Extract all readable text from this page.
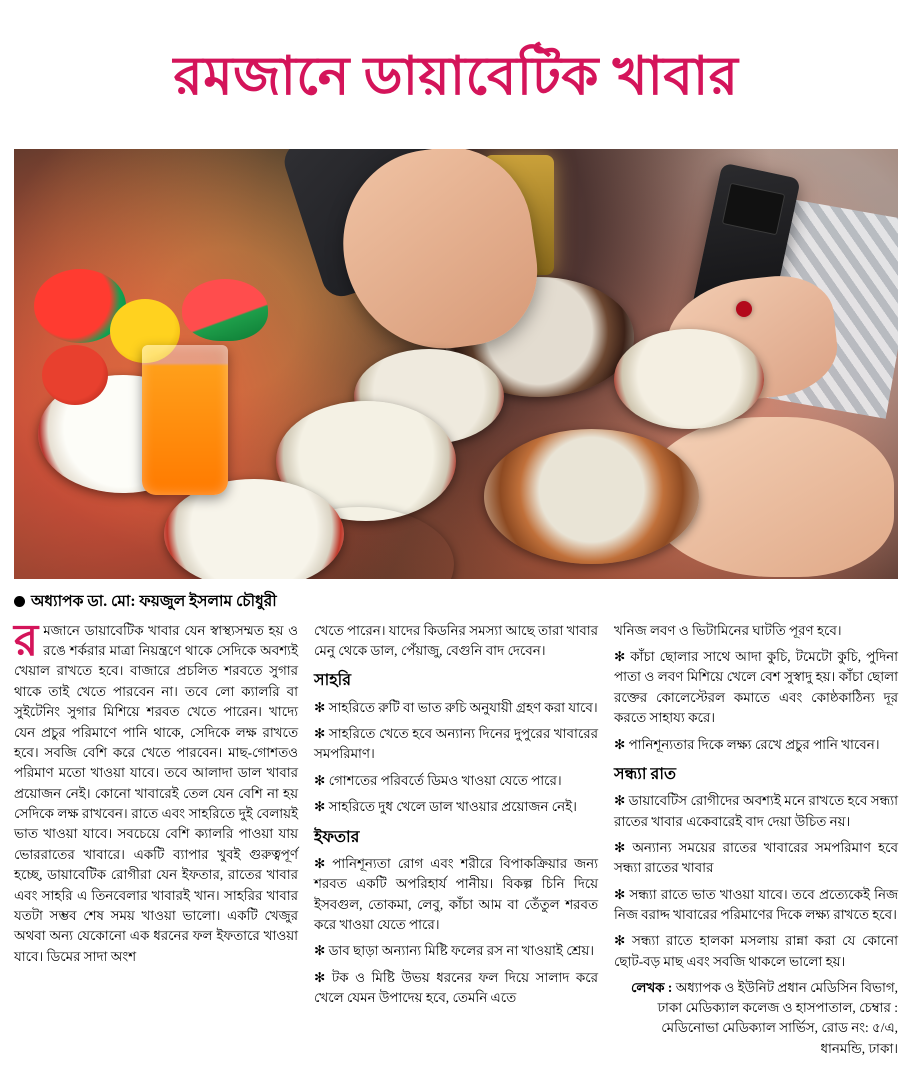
রমজানে ডায়াবেটিক খাবার
অধ্যাপক ডা. মো: ফয়জুল ইসলাম চৌধুরী

র মজানে ডায়াবেটিক খাবার যেন স্বাস্থ্যসম্মত হয় ও রঙে শর্করার মাত্রা নিয়ন্ত্রণে থাকে সেদিকে অবশ্যই খেয়াল রাখতে হবে। বাজারে প্রচলিত শরবতে সুগার থাকে তাই খেতে পারবেন না। তবে লো ক্যালরি বা সুইটেনিং সুগার মিশিয়ে শরবত খেতে পারেন। খাদ্যে যেন প্রচুর পরিমাণে পানি থাকে, সেদিকে লক্ষ রাখতে হবে। সবজি বেশি করে খেতে পারবেন। মাছ-গোশতও পরিমাণ মতো খাওয়া যাবে। তবে আলাদা ডাল খাবার প্রয়োজন নেই। কোনো খাবারেই তেল যেন বেশি না হয় সেদিকে লক্ষ রাখবেন। রাতে এবং সাহরিতে দুই বেলায়ই ভাত খাওয়া যাবে। সবচেয়ে বেশি ক্যালরি পাওয়া যায় ভোররাতের খাবারে। একটি ব্যাপার খুবই গুরুত্বপূর্ণ হচ্ছে, ডায়াবেটিক রোগীরা যেন ইফতার, রাতের খাবার এবং সাহরি এ তিনবেলার খাবারই খান। সাহরির খাবার যতটা সম্ভব শেষ সময় খাওয়া ভালো। একটি খেজুর অথবা অন্য যেকোনো এক ধরনের ফল ইফতারে খাওয়া যাবে। ডিমের সাদা অংশ

খেতে পারেন। যাদের কিডনির সমস্যা আছে তারা খাবার মেনু থেকে ডাল, পেঁয়াজু, বেগুনি বাদ দেবেন।

সাহরি

✻ সাহরিতে রুটি বা ভাত রুচি অনুযায়ী গ্রহণ করা যাবে।

✻ সাহরিতে খেতে হবে অন্যান্য দিনের দুপুরের খাবারের সমপরিমাণ।

✻ গোশতের পরিবর্তে ডিমও খাওয়া যেতে পারে।

✻ সাহরিতে দুধ খেলে ডাল খাওয়ার প্রয়োজন নেই।

ইফতার

✻ পানিশূন্যতা রোগ এবং শরীরে বিপাকক্রিয়ার জন্য শরবত একটি অপরিহার্য পানীয়। বিকল্প চিনি দিয়ে ইসবগুল, তোকমা, লেবু, কাঁচা আম বা তেঁতুল শরবত করে খাওয়া যেতে পারে।

✻ ডাব ছাড়া অন্যান্য মিষ্টি ফলের রস না খাওয়াই শ্রেয়।

✻ টক ও মিষ্টি উভয় ধরনের ফল দিয়ে সালাদ করে খেলে যেমন উপাদেয় হবে, তেমনি এতে

খনিজ লবণ ও ভিটামিনের ঘাটতি পূরণ হবে।

✻ কাঁচা ছোলার সাথে আদা কুচি, টমেটো কুচি, পুদিনা পাতা ও লবণ মিশিয়ে খেলে বেশ সুস্বাদু হয়। কাঁচা ছোলা রক্তের কোলেস্টেরল কমাতে এবং কোষ্ঠকাঠিন্য দূর করতে সাহায্য করে।

✻ পানিশূন্যতার দিকে লক্ষ্য রেখে প্রচুর পানি খাবেন।

সন্ধ্যা রাত

✻ ডায়াবেটিস রোগীদের অবশ্যই মনে রাখতে হবে সন্ধ্যা রাতের খাবার একেবারেই বাদ দেয়া উচিত নয়।

✻ অন্যান্য সময়ের রাতের খাবারের সমপরিমাণ হবে সন্ধ্যা রাতের খাবার

✻ সন্ধ্যা রাতে ভাত খাওয়া যাবে। তবে প্রত্যেকেই নিজ নিজ বরাদ্দ খাবারের পরিমাণের দিকে লক্ষ্য রাখতে হবে।

✻ সন্ধ্যা রাতে হালকা মসলায় রান্না করা যে কোনো ছোট-বড় মাছ এবং সবজি থাকলে ভালো হয়।

লেখক : অধ্যাপক ও ইউনিট প্রধান মেডিসিন বিভাগ, ঢাকা মেডিক্যাল কলেজ ও হাসপাতাল, চেম্বার : মেডিনোভা মেডিক্যাল সার্ভিস, রোড নং: ৫/এ, ধানমন্ডি, ঢাকা।
